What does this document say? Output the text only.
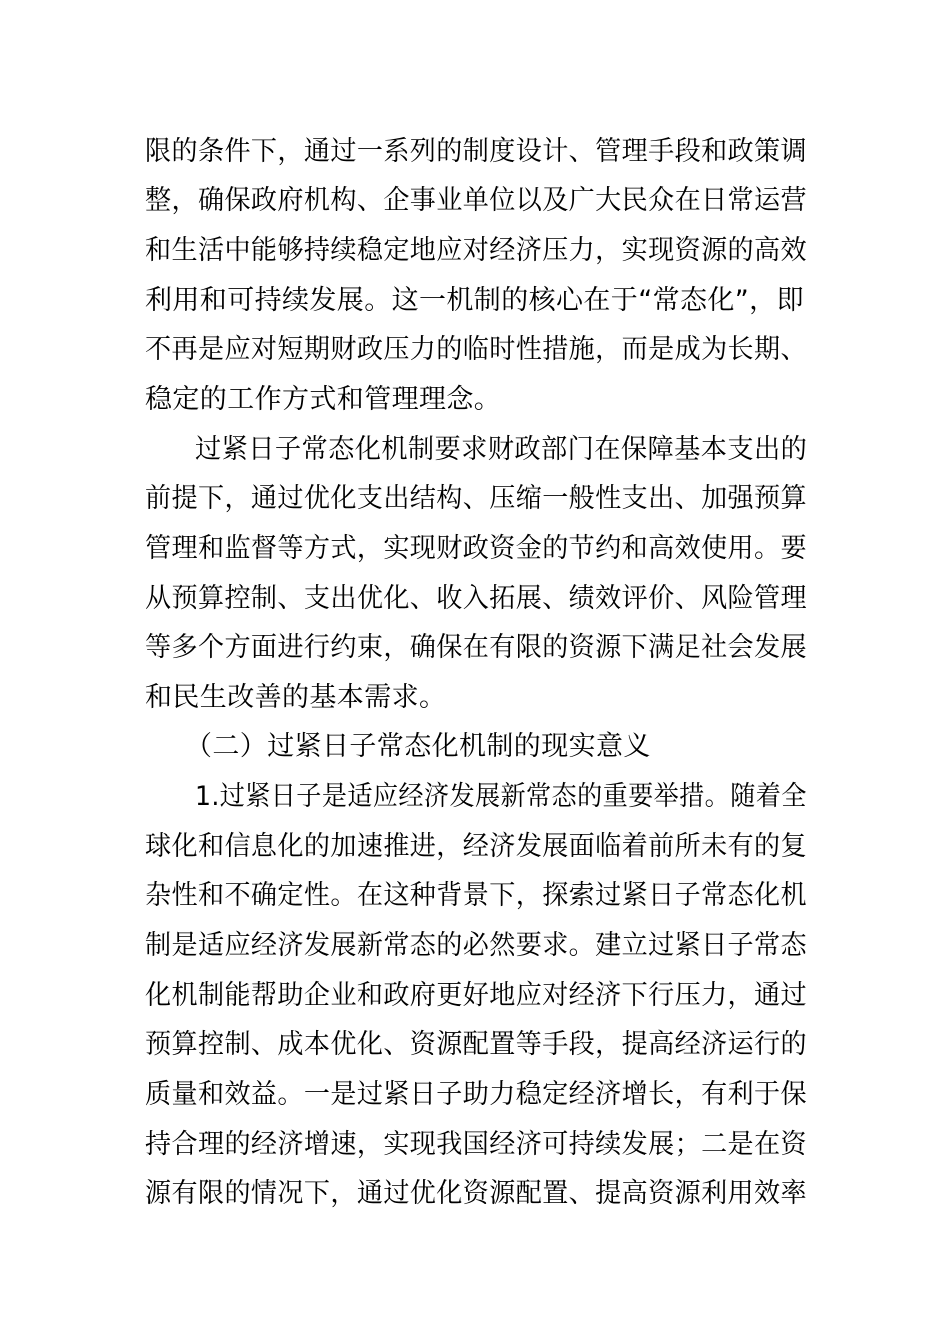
限的条件下，通过一系列的制度设计、管理手段和政策调
整，确保政府机构、企事业单位以及广大民众在日常运营
和生活中能够持续稳定地应对经济压力，实现资源的高效
利用和可持续发展。这一机制的核心在于“常态化”，即
不再是应对短期财政压力的临时性措施，而是成为长期、
稳定的工作方式和管理理念。
过紧日子常态化机制要求财政部门在保障基本支出的
前提下，通过优化支出结构、压缩一般性支出、加强预算
管理和监督等方式，实现财政资金的节约和高效使用。要
从预算控制、支出优化、收入拓展、绩效评价、风险管理
等多个方面进行约束，确保在有限的资源下满足社会发展
和民生改善的基本需求。
（二）过紧日子常态化机制的现实意义
1.过紧日子是适应经济发展新常态的重要举措。随着全
球化和信息化的加速推进，经济发展面临着前所未有的复
杂性和不确定性。在这种背景下，探索过紧日子常态化机
制是适应经济发展新常态的必然要求。建立过紧日子常态
化机制能帮助企业和政府更好地应对经济下行压力，通过
预算控制、成本优化、资源配置等手段，提高经济运行的
质量和效益。一是过紧日子助力稳定经济增长，有利于保
持合理的经济增速，实现我国经济可持续发展；二是在资
源有限的情况下，通过优化资源配置、提高资源利用效率
